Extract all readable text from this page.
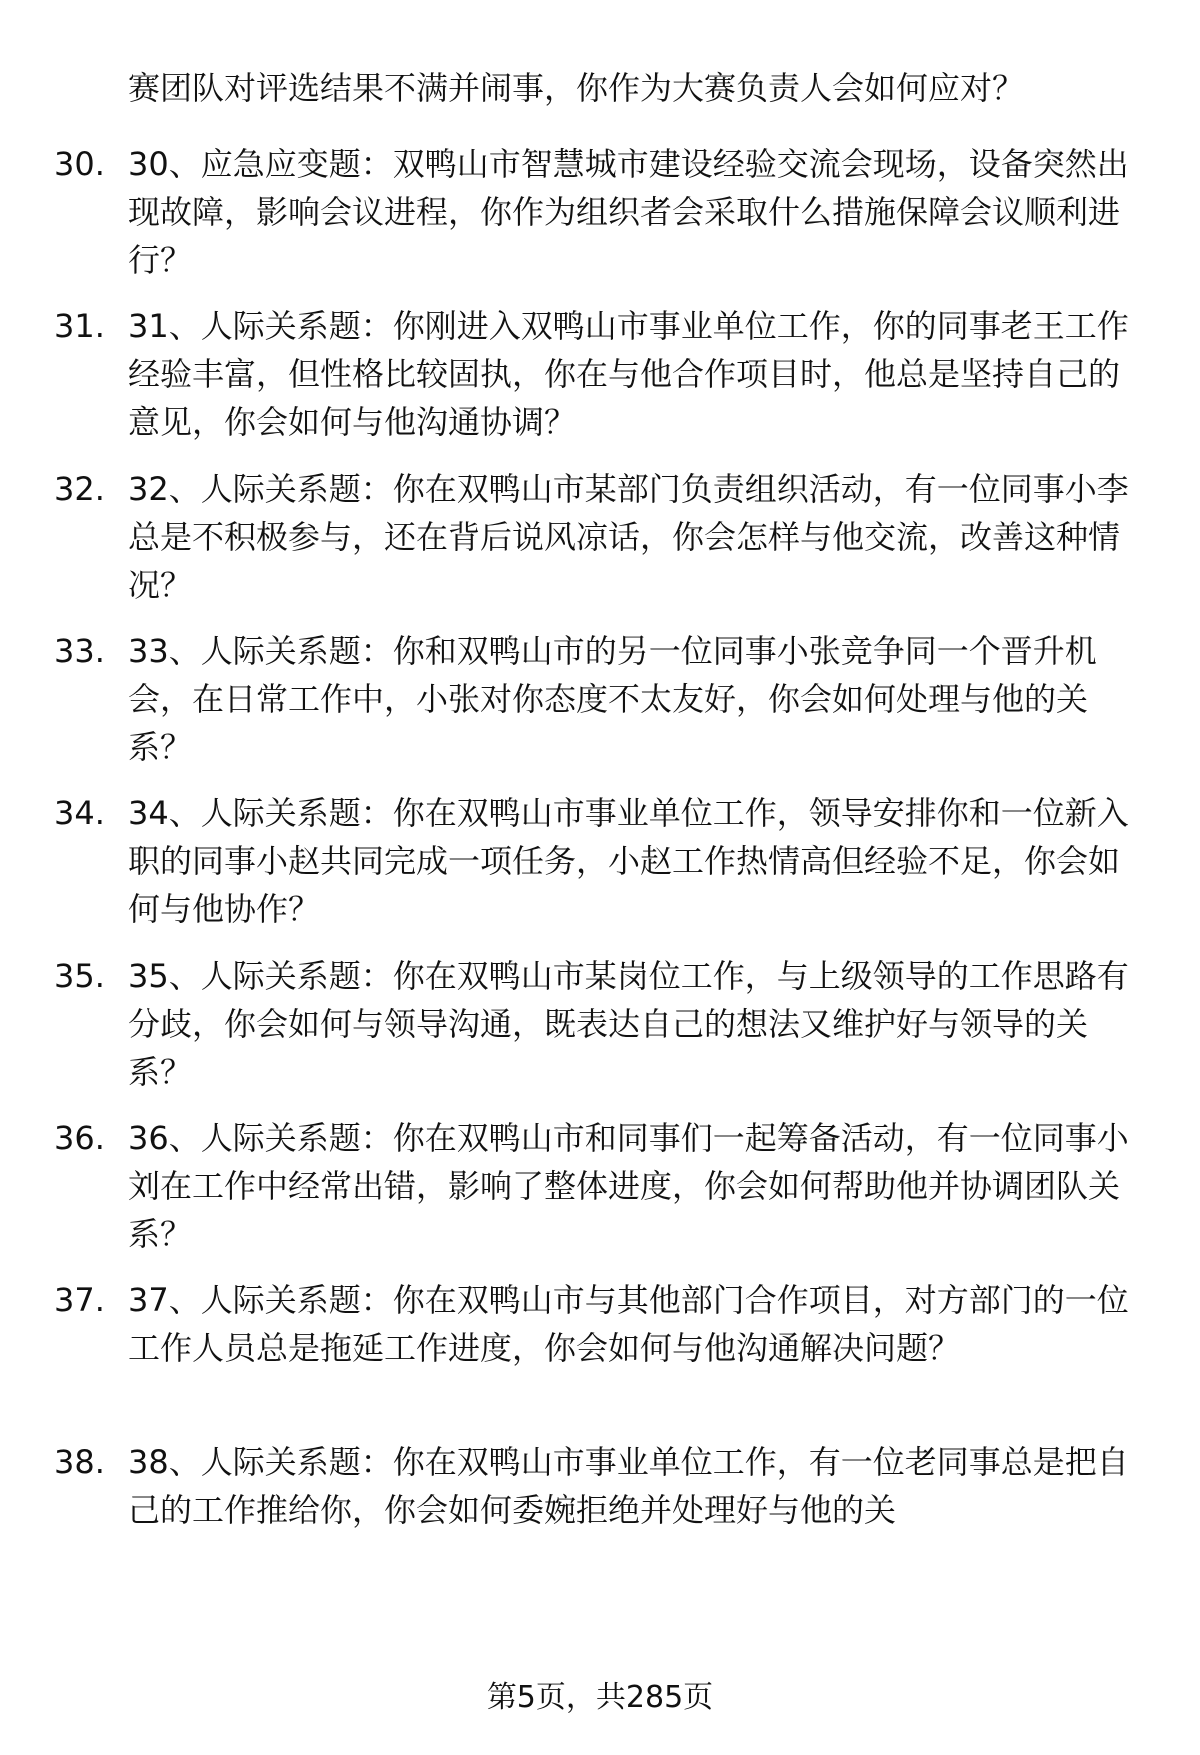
赛团队对评选结果不满并闹事，你作为大赛负责人会如何应对？
30. 30、应急应变题：双鸭山市智慧城市建设经验交流会现场，设备突然出现故障，影响会议进程，你作为组织者会采取什么措施保障会议顺利进行？
31. 31、人际关系题：你刚进入双鸭山市事业单位工作，你的同事老王工作经验丰富，但性格比较固执，你在与他合作项目时，他总是坚持自己的意见，你会如何与他沟通协调？
32. 32、人际关系题：你在双鸭山市某部门负责组织活动，有一位同事小李总是不积极参与，还在背后说风凉话，你会怎样与他交流，改善这种情况？
33. 33、人际关系题：你和双鸭山市的另一位同事小张竞争同一个晋升机会，在日常工作中，小张对你态度不太友好，你会如何处理与他的关系？
34. 34、人际关系题：你在双鸭山市事业单位工作，领导安排你和一位新入职的同事小赵共同完成一项任务，小赵工作热情高但经验不足，你会如何与他协作？
35. 35、人际关系题：你在双鸭山市某岗位工作，与上级领导的工作思路有分歧，你会如何与领导沟通，既表达自己的想法又维护好与领导的关系？
36. 36、人际关系题：你在双鸭山市和同事们一起筹备活动，有一位同事小刘在工作中经常出错，影响了整体进度，你会如何帮助他并协调团队关系？
37. 37、人际关系题：你在双鸭山市与其他部门合作项目，对方部门的一位工作人员总是拖延工作进度，你会如何与他沟通解决问题？
38. 38、人际关系题：你在双鸭山市事业单位工作，有一位老同事总是把自己的工作推给你，你会如何委婉拒绝并处理好与他的关
第5页，共285页
